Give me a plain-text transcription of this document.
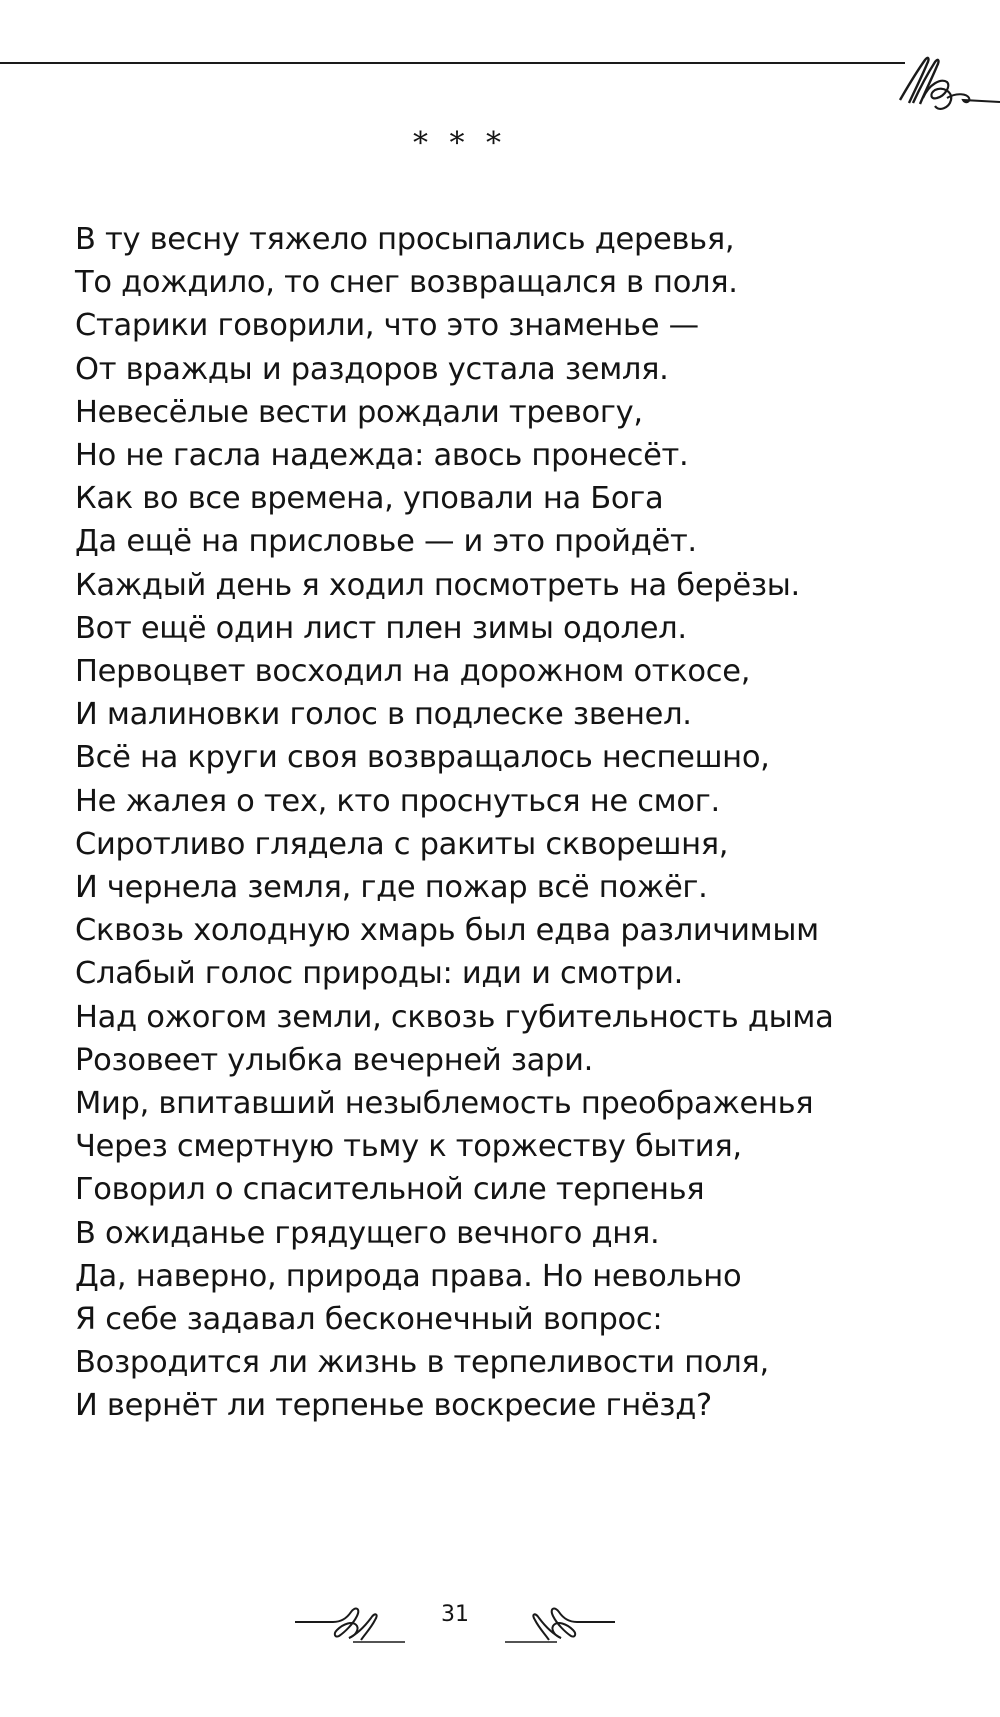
* * *
В ту весну тяжело просыпались деревья,
То дождило, то снег возвращался в поля.
Старики говорили, что это знаменье —
От вражды и раздоров устала земля.
Невесёлые вести рождали тревогу,
Но не гасла надежда: авось пронесёт.
Как во все времена, уповали на Бога
Да ещё на присловье — и это пройдёт.
Каждый день я ходил посмотреть на берёзы.
Вот ещё один лист плен зимы одолел.
Первоцвет восходил на дорожном откосе,
И малиновки голос в подлеске звенел.
Всё на круги своя возвращалось неспешно,
Не жалея о тех, кто проснуться не смог.
Сиротливо глядела с ракиты скворешня,
И чернела земля, где пожар всё пожёг.
Сквозь холодную хмарь был едва различимым
Слабый голос природы: иди и смотри.
Над ожогом земли, сквозь губительность дыма
Розовеет улыбка вечерней зари.
Мир, впитавший незыблемость преображенья
Через смертную тьму к торжеству бытия,
Говорил о спасительной силе терпенья
В ожиданье грядущего вечного дня.
Да, наверно, природа права. Но невольно
Я себе задавал бесконечный вопрос:
Возродится ли жизнь в терпеливости поля,
И вернёт ли терпенье воскресие гнёзд?
31
